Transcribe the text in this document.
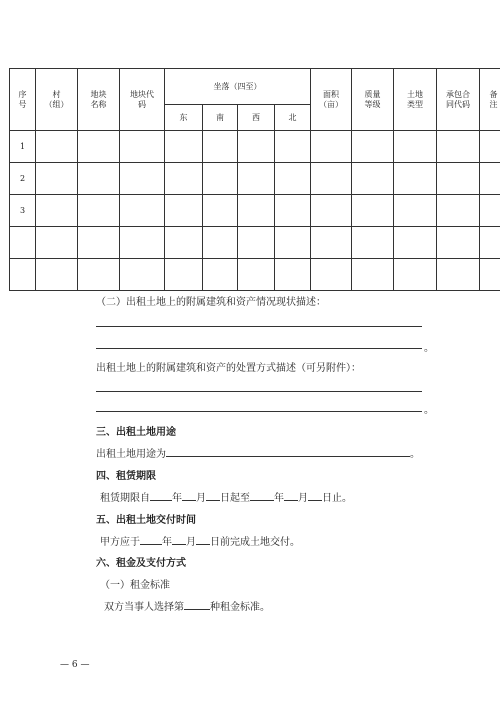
序号	村（组）	地块名称	地块代码	坐落（四至）				面积（亩）	质量等级	土地类型	承包合同代码	备注
				东	南	西	北					
1												
2												
3												

（二）出租土地上的附属建筑和资产情况现状描述：
。
出租土地上的附属建筑和资产的处置方式描述（可另附件）：
。
三、出租土地用途
出租土地用途为	。
四、租赁期限
租赁期限自 年 月 日起至 年 月 日止。
五、出租土地交付时间
甲方应于 年 月 日前完成土地交付。
六、租金及支付方式
（一）租金标准
双方当事人选择第	种租金标准。
— 6 —
